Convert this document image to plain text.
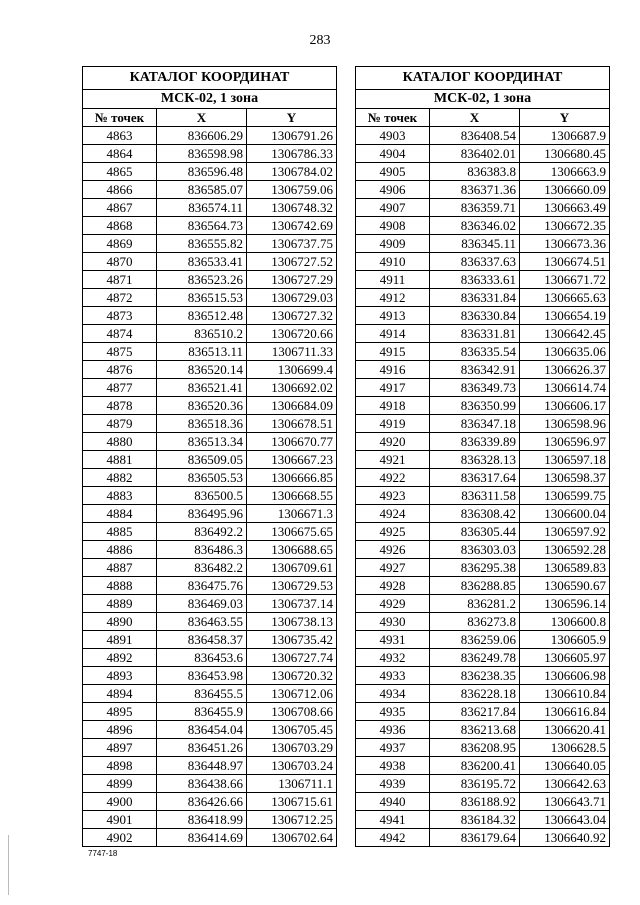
283
КАТАЛОГ КООРДИНАТ		
МСК-02, 1 зона		
№ точек	X	Y
4863	836606.29	1306791.26
4864	836598.98	1306786.33
4865	836596.48	1306784.02
4866	836585.07	1306759.06
4867	836574.11	1306748.32
4868	836564.73	1306742.69
4869	836555.82	1306737.75
4870	836533.41	1306727.52
4871	836523.26	1306727.29
4872	836515.53	1306729.03
4873	836512.48	1306727.32
4874	836510.2	1306720.66
4875	836513.11	1306711.33
4876	836520.14	1306699.4
4877	836521.41	1306692.02
4878	836520.36	1306684.09
4879	836518.36	1306678.51
4880	836513.34	1306670.77
4881	836509.05	1306667.23
4882	836505.53	1306666.85
4883	836500.5	1306668.55
4884	836495.96	1306671.3
4885	836492.2	1306675.65
4886	836486.3	1306688.65
4887	836482.2	1306709.61
4888	836475.76	1306729.53
4889	836469.03	1306737.14
4890	836463.55	1306738.13
4891	836458.37	1306735.42
4892	836453.6	1306727.74
4893	836453.98	1306720.32
4894	836455.5	1306712.06
4895	836455.9	1306708.66
4896	836454.04	1306705.45
4897	836451.26	1306703.29
4898	836448.97	1306703.24
4899	836438.66	1306711.1
4900	836426.66	1306715.61
4901	836418.99	1306712.25
4902	836414.69	1306702.64
КАТАЛОГ КООРДИНАТ		
МСК-02, 1 зона		
№ точек	X	Y
4903	836408.54	1306687.9
4904	836402.01	1306680.45
4905	836383.8	1306663.9
4906	836371.36	1306660.09
4907	836359.71	1306663.49
4908	836346.02	1306672.35
4909	836345.11	1306673.36
4910	836337.63	1306674.51
4911	836333.61	1306671.72
4912	836331.84	1306665.63
4913	836330.84	1306654.19
4914	836331.81	1306642.45
4915	836335.54	1306635.06
4916	836342.91	1306626.37
4917	836349.73	1306614.74
4918	836350.99	1306606.17
4919	836347.18	1306598.96
4920	836339.89	1306596.97
4921	836328.13	1306597.18
4922	836317.64	1306598.37
4923	836311.58	1306599.75
4924	836308.42	1306600.04
4925	836305.44	1306597.92
4926	836303.03	1306592.28
4927	836295.38	1306589.83
4928	836288.85	1306590.67
4929	836281.2	1306596.14
4930	836273.8	1306600.8
4931	836259.06	1306605.9
4932	836249.78	1306605.97
4933	836238.35	1306606.98
4934	836228.18	1306610.84
4935	836217.84	1306616.84
4936	836213.68	1306620.41
4937	836208.95	1306628.5
4938	836200.41	1306640.05
4939	836195.72	1306642.63
4940	836188.92	1306643.71
4941	836184.32	1306643.04
4942	836179.64	1306640.92
7747-18
